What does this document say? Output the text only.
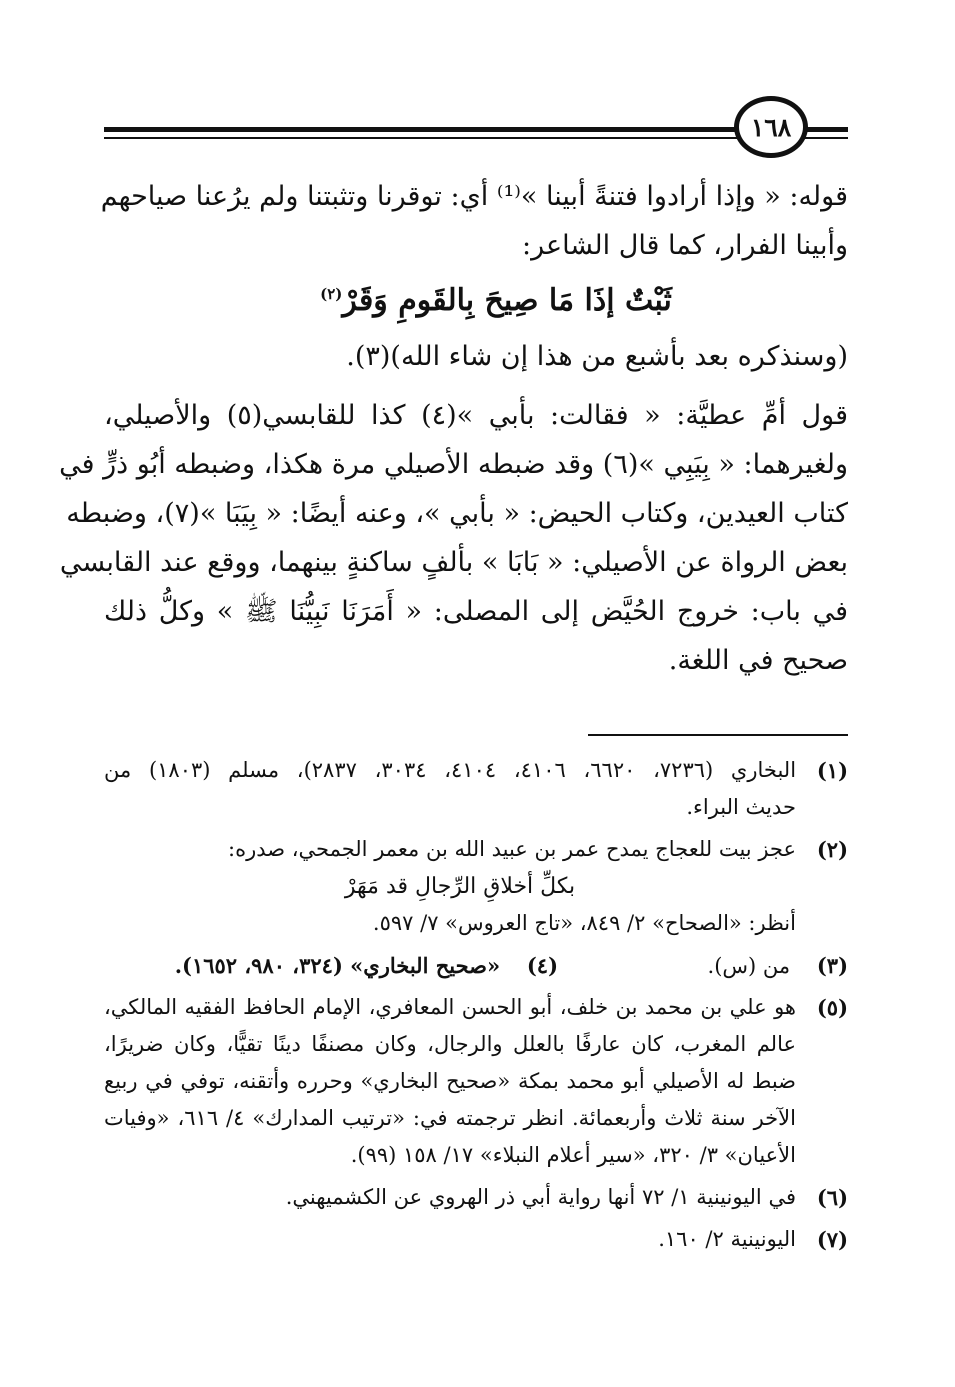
١٦٨
قوله: « وإذا أرادوا فتنةً أبينا »⁽¹⁾ أي: توقرنا وتثبتنا ولم يرُعنا صياحهم
وأبينا الفرار، كما قال الشاعر:
ثَبْتٌ إذَا مَا صِيحَ بِالقَومِ وَقَرْ$^{(٢)}$
(وسنذكره بعد بأشبع من هذا إن شاء الله)(٣).
قول أمِّ عطيَّة: « فقالت: بأبي »(٤) كذا للقابسي(٥) والأصيلي،
ولغيرهما: « بِيَبِي »(٦) وقد ضبطه الأصيلي مرة هكذا، وضبطه أبُو ذرٍّ في
كتاب العيدين، وكتاب الحيض: « بأبي »، وعنه أيضًا: « بِيَبَا »(٧)، وضبطه
بعض الرواة عن الأصيلي: « بَابَا » بألفٍ ساكنةٍ بينهما، ووقع عند القابسي
في باب: خروج الحُيَّض إلى المصلى: « أَمَرَنَا نَبِيُّنَا ﷺ » وكلُّ ذلك
صحيح في اللغة.
(١)
البخاري (٧٢٣٦، ٦٦٢٠، ٤١٠٦، ٤١٠٤، ٣٠٣٤، ٢٨٣٧)، مسلم (١٨٠٣) من
حديث البراء.
(٢)
عجز بيت للعجاج يمدح عمر بن عبيد الله بن معمر الجمحي، صدره:
بكلِّ أخلاقِ الرِّجالِ قد مَهَرْ
أنظر: «الصحاح» ٢/ ٨٤٩، «تاج العروس» ٧/ ٥٩٧.
(٣)    من (س).
(٤)    «صحيح البخاري» (٣٢٤، ٩٨٠، ١٦٥٢).
(٥)
هو علي بن محمد بن خلف، أبو الحسن المعافري، الإمام الحافظ الفقيه المالكي،
عالم المغرب، كان عارفًا بالعلل والرجال، وكان مصنفًا دينًا تقيًّا، وكان ضريرًا،
ضبط له الأصيلي أبو محمد بمكة «صحيح البخاري» وحرره وأتقنه، توفي في ربيع
الآخر سنة ثلاث وأربعمائة. انظر ترجمته في: «ترتيب المدارك» ٤/ ٦١٦، «وفيات
الأعيان» ٣/ ٣٢٠، «سير أعلام النبلاء» ١٧/ ١٥٨ (٩٩).
(٦)
في اليونينية ١/ ٧٢ أنها رواية أبي ذر الهروي عن الكشميهني.
(٧)
اليونينية ٢/ ١٦٠.
